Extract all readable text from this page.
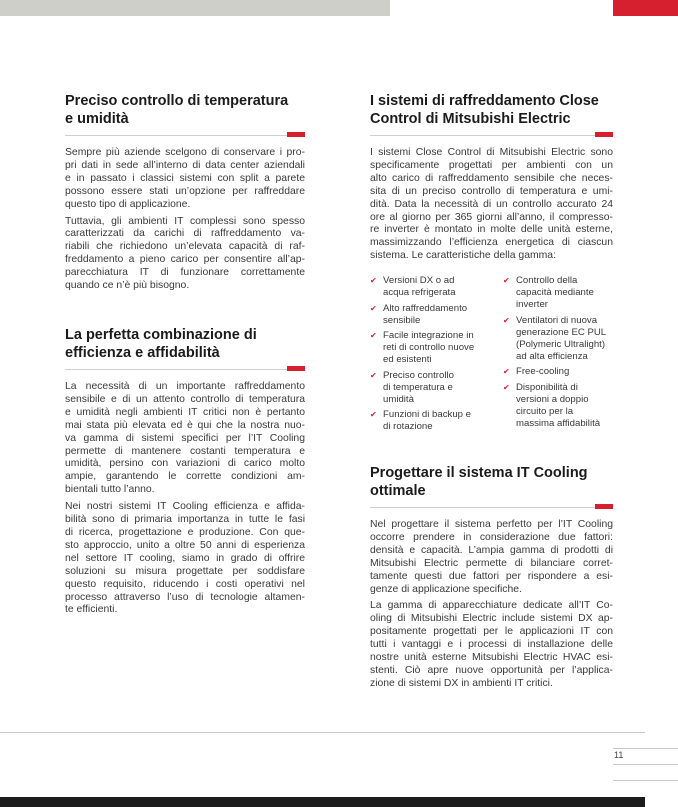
Preciso controllo di temperatura
e umidità
Sempre più aziende scelgono di conservare i pro-
pri dati in sede all’interno di data center aziendali
e in passato i classici sistemi con split a parete
possono essere stati un’opzione per raffreddare
questo tipo di applicazione.
Tuttavia, gli ambienti IT complessi sono spesso
caratterizzati da carichi di raffreddamento va-
riabili che richiedono un’elevata capacità di raf-
freddamento a pieno carico per consentire all’ap-
parecchiatura IT di funzionare correttamente
quando ce n’è più bisogno.
La perfetta combinazione di
efficienza e affidabilità
La necessità di un importante raffreddamento
sensibile e di un attento controllo di temperatura
e umidità negli ambienti IT critici non è pertanto
mai stata più elevata ed è qui che la nostra nuo-
va gamma di sistemi specifici per l’IT Cooling
permette di mantenere costanti temperatura e
umidità, persino con variazioni di carico molto
ampie, garantendo le corrette condizioni am-
bientali tutto l’anno.
Nei nostri sistemi IT Cooling efficienza e affida-
bilità sono di primaria importanza in tutte le fasi
di ricerca, progettazione e produzione. Con que-
sto approccio, unito a oltre 50 anni di esperienza
nel settore IT cooling, siamo in grado di offrire
soluzioni su misura progettate per soddisfare
questo requisito, riducendo i costi operativi nel
processo attraverso l’uso di tecnologie altamen-
te efficienti.
I sistemi di raffreddamento Close
Control di Mitsubishi Electric
I sistemi Close Control di Mitsubishi Electric sono
specificamente progettati per ambienti con un
alto carico di raffreddamento sensibile che neces-
sita di un preciso controllo di temperatura e umi-
dità. Data la necessità di un controllo accurato 24
ore al giorno per 365 giorni all’anno, il compresso-
re inverter è montato in molte delle unità esterne,
massimizzando l’efficienza energetica di ciascun
sistema. Le caratteristiche della gamma:
✔ Versioni DX o ad
acqua refrigerata
✔ Alto raffreddamento
sensibile
✔ Facile integrazione in
reti di controllo nuove
ed esistenti
✔ Preciso controllo
di temperatura e
umidità
✔ Funzioni di backup e
di rotazione
✔ Controllo della
capacità mediante
inverter
✔ Ventilatori di nuova
generazione EC PUL
(Polymeric Ultralight)
ad alta efficienza
✔ Free-cooling
✔ Disponibilità di
versioni a doppio
circuito per la
massima affidabilità
Progettare il sistema IT Cooling
ottimale
Nel progettare il sistema perfetto per l’IT Cooling
occorre prendere in considerazione due fattori:
densità e capacità. L’ampia gamma di prodotti di
Mitsubishi Electric permette di bilanciare corret-
tamente questi due fattori per rispondere a esi-
genze di applicazione specifiche.
La gamma di apparecchiature dedicate all’IT Co-
oling di Mitsubishi Electric include sistemi DX ap-
positamente progettati per le applicazioni IT con
tutti i vantaggi e i processi di installazione delle
nostre unità esterne Mitsubishi Electric HVAC esi-
stenti. Ciò apre nuove opportunità per l’applica-
zione di sistemi DX in ambienti IT critici.
11
